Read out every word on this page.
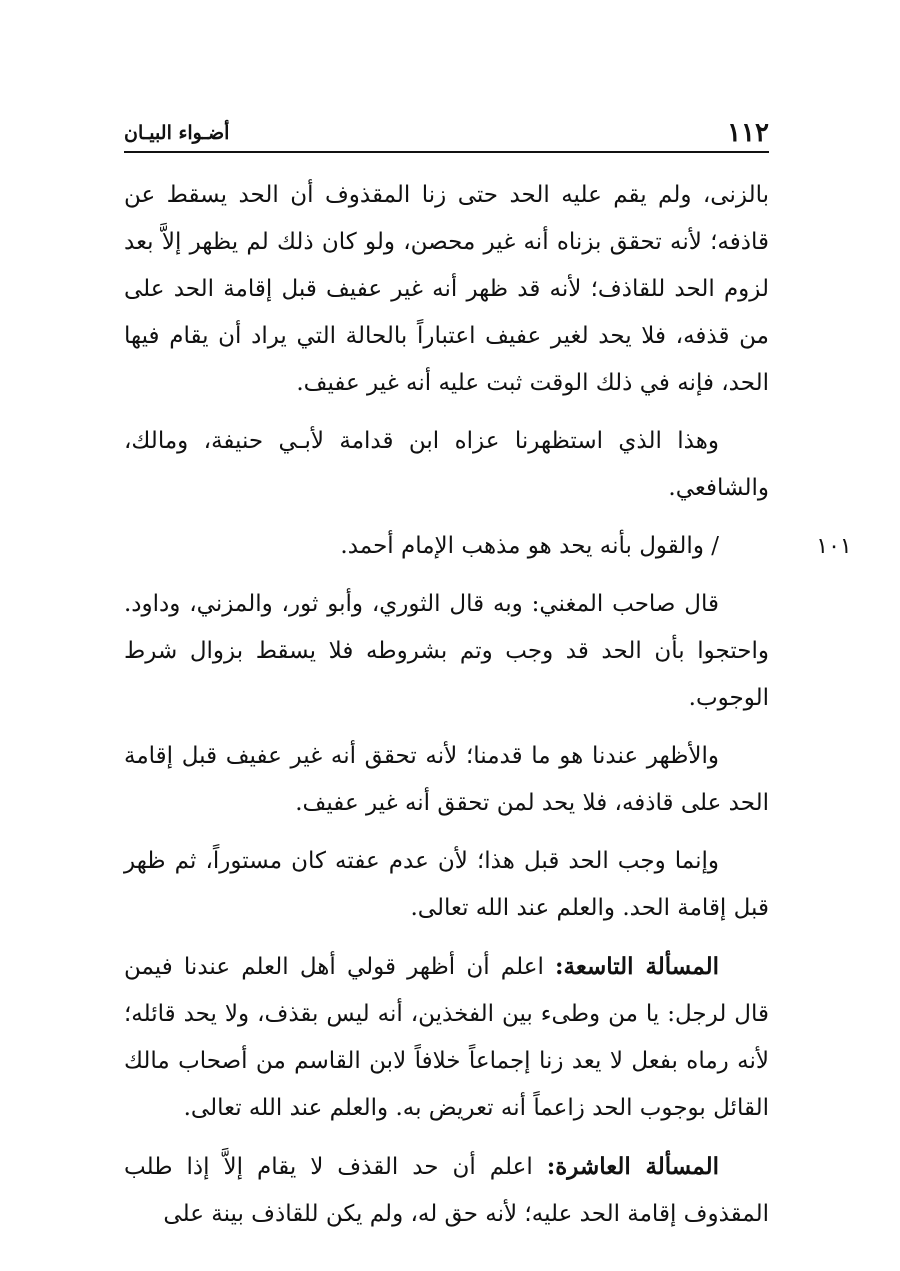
١١٢
أضـواء البيـان

بالزنى، ولم يقم عليه الحد حتى زنا المقذوف أن الحد يسقط عن قاذفه؛ لأنه تحقق بزناه أنه غير محصن، ولو كان ذلك لم يظهر إلاَّ بعد لزوم الحد للقاذف؛ لأنه قد ظهر أنه غير عفيف قبل إقامة الحد على من قذفه، فلا يحد لغير عفيف اعتباراً بالحالة التي يراد أن يقام فيها الحد، فإنه في ذلك الوقت ثبت عليه أنه غير عفيف.

وهذا الذي استظهرنا عزاه ابن قدامة لأبـي حنيفة، ومالك، والشافعي.

١٠١

/ والقول بأنه يحد هو مذهب الإمام أحمد.

قال صاحب المغني: وبه قال الثوري، وأبو ثور، والمزني، وداود. واحتجوا بأن الحد قد وجب وتم بشروطه فلا يسقط بزوال شرط الوجوب.

والأظهر عندنا هو ما قدمنا؛ لأنه تحقق أنه غير عفيف قبل إقامة الحد على قاذفه، فلا يحد لمن تحقق أنه غير عفيف.

وإنما وجب الحد قبل هذا؛ لأن عدم عفته كان مستوراً، ثم ظهر قبل إقامة الحد. والعلم عند الله تعالى.

المسألة التاسعة: اعلم أن أظهر قولي أهل العلم عندنا فيمن قال لرجل: يا من وطىء بين الفخذين، أنه ليس بقذف، ولا يحد قائله؛ لأنه رماه بفعل لا يعد زنا إجماعاً خلافاً لابن القاسم من أصحاب مالك القائل بوجوب الحد زاعماً أنه تعريض به. والعلم عند الله تعالى.

المسألة العاشرة: اعلم أن حد القذف لا يقام إلاَّ إذا طلب المقذوف إقامة الحد عليه؛ لأنه حق له، ولم يكن للقاذف بينة على
